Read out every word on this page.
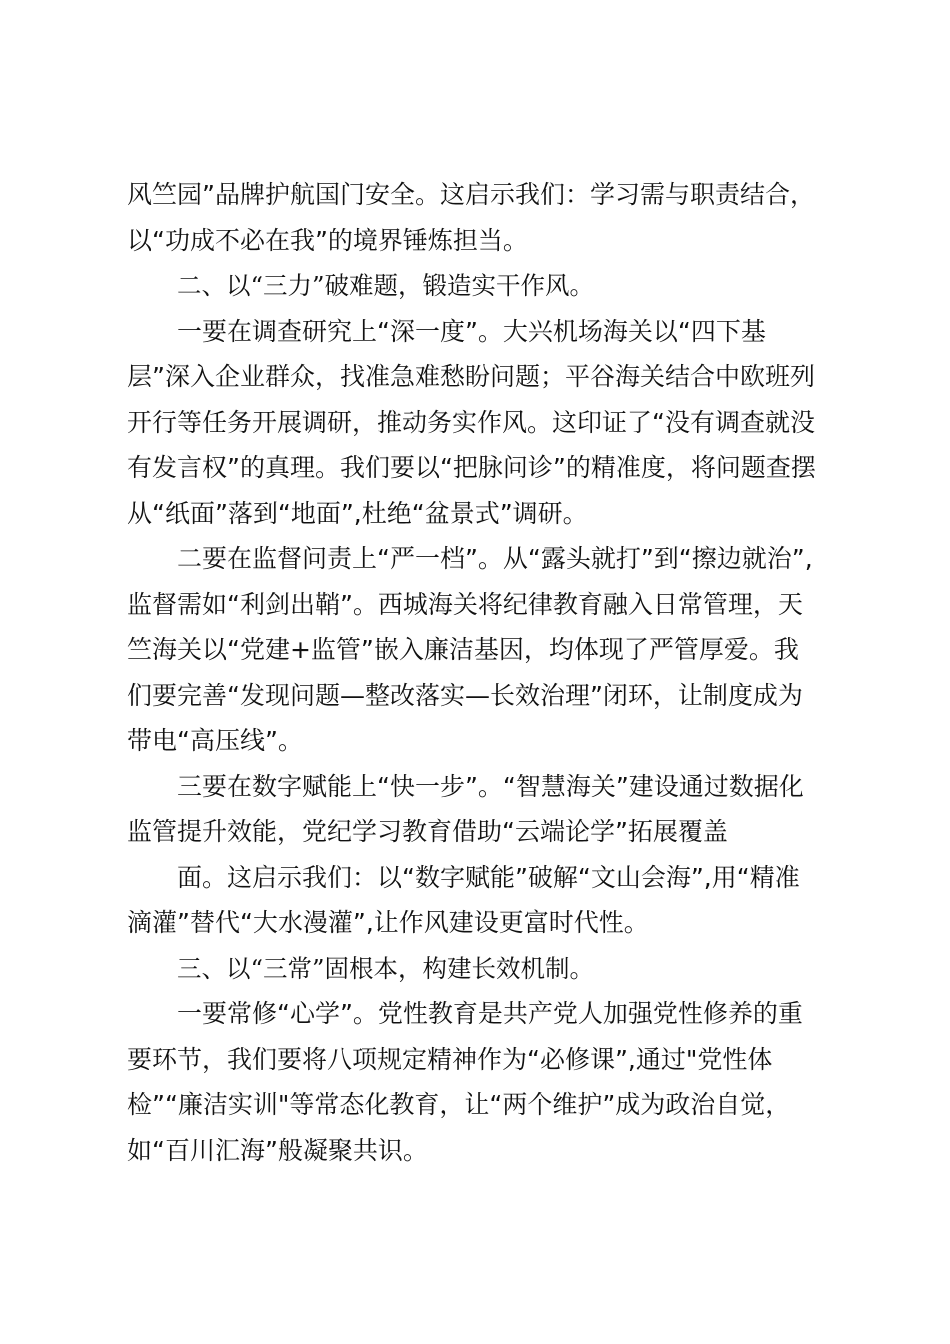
风竺园”品牌护航国门安全。这启示我们：学习需与职责结合，
以“功成不必在我”的境界锤炼担当。
二、以“三力”破难题，锻造实干作风。
一要在调查研究上“深一度”。大兴机场海关以“四下基
层”深入企业群众，找准急难愁盼问题；平谷海关结合中欧班列
开行等任务开展调研，推动务实作风。这印证了“没有调查就没
有发言权”的真理。我们要以“把脉问诊”的精准度，将问题查摆
从“纸面”落到“地面”,杜绝“盆景式”调研。
二要在监督问责上“严一档”。从“露头就打”到“擦边就治”,
监督需如“利剑出鞘”。西城海关将纪律教育融入日常管理，天
竺海关以“党建+监管”嵌入廉洁基因，均体现了严管厚爱。我
们要完善“发现问题—整改落实—长效治理”闭环，让制度成为
带电“高压线”。
三要在数字赋能上“快一步”。“智慧海关”建设通过数据化
监管提升效能，党纪学习教育借助“云端论学”拓展覆盖
面。这启示我们：以“数字赋能”破解“文山会海”,用“精准
滴灌”替代“大水漫灌”,让作风建设更富时代性。
三、以“三常”固根本，构建长效机制。
一要常修“心学”。党性教育是共产党人加强党性修养的重
要环节，我们要将八项规定精神作为“必修课”,通过"党性体
检”“廉洁实训"等常态化教育，让“两个维护”成为政治自觉，
如“百川汇海”般凝聚共识。
